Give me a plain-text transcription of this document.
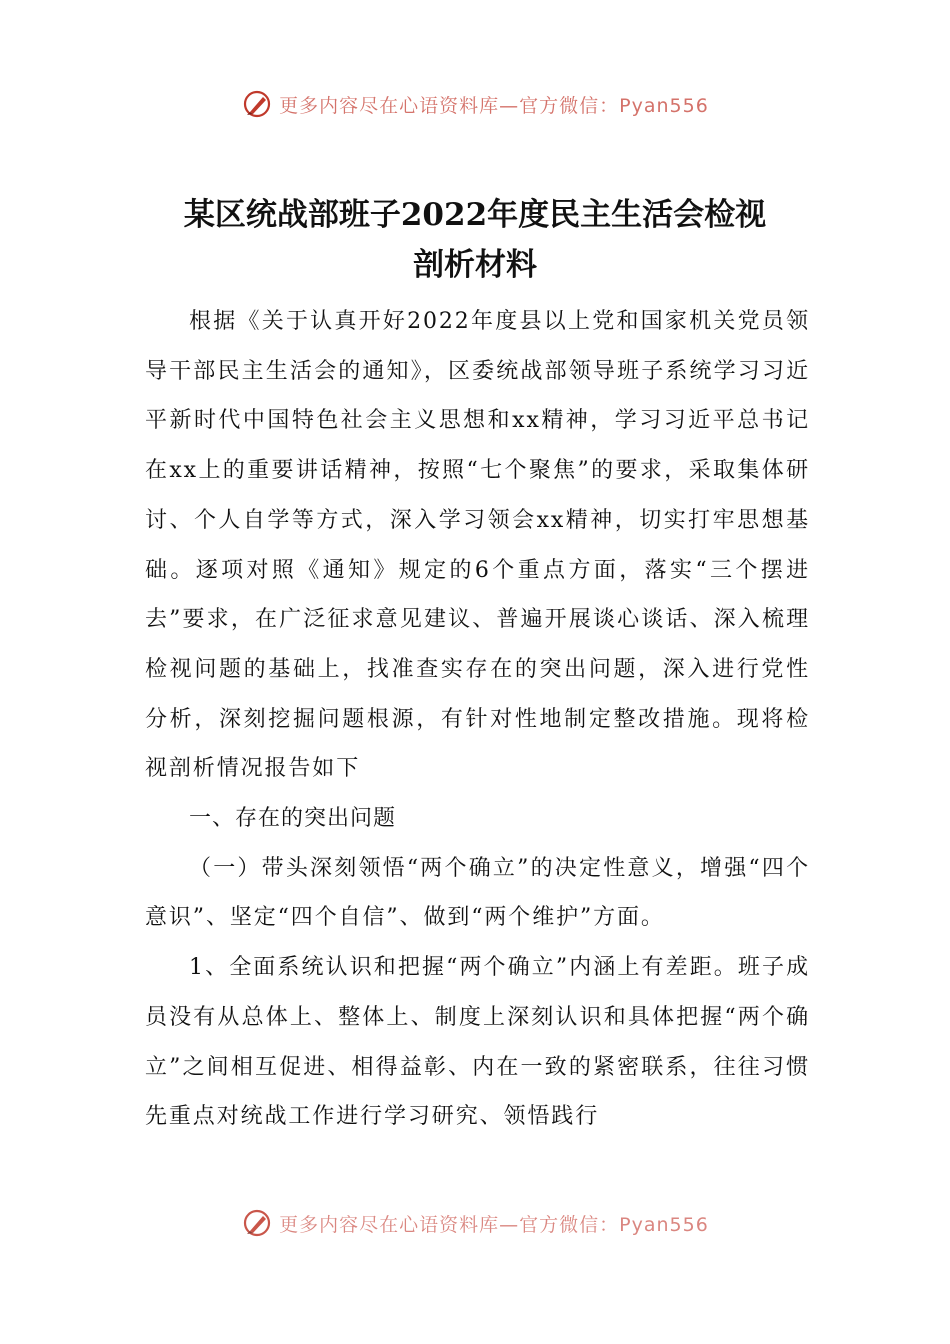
更多内容尽在心语资料库—官方微信：Pyan556
某区统战部班子2022年度民主生活会检视
剖析材料

根据《关于认真开好2022年度县以上党和国家机关党员领导干部民主生活会的通知》，区委统战部领导班子系统学习习近平新时代中国特色社会主义思想和xx精神，学习习近平总书记在xx上的重要讲话精神，按照“七个聚焦”的要求，采取集体研讨、个人自学等方式，深入学习领会xx精神，切实打牢思想基础。逐项对照《通知》规定的6个重点方面，落实“三个摆进去”要求，在广泛征求意见建议、普遍开展谈心谈话、深入梳理检视问题的基础上，找准查实存在的突出问题，深入进行党性分析，深刻挖掘问题根源，有针对性地制定整改措施。现将检视剖析情况报告如下

一、存在的突出问题

（一）带头深刻领悟“两个确立”的决定性意义，增强“四个意识”、坚定“四个自信”、做到“两个维护”方面。

1、全面系统认识和把握“两个确立”内涵上有差距。班子成员没有从总体上、整体上、制度上深刻认识和具体把握“两个确立”之间相互促进、相得益彰、内在一致的紧密联系，往往习惯先重点对统战工作进行学习研究、领悟践行

更多内容尽在心语资料库—官方微信：Pyan556
